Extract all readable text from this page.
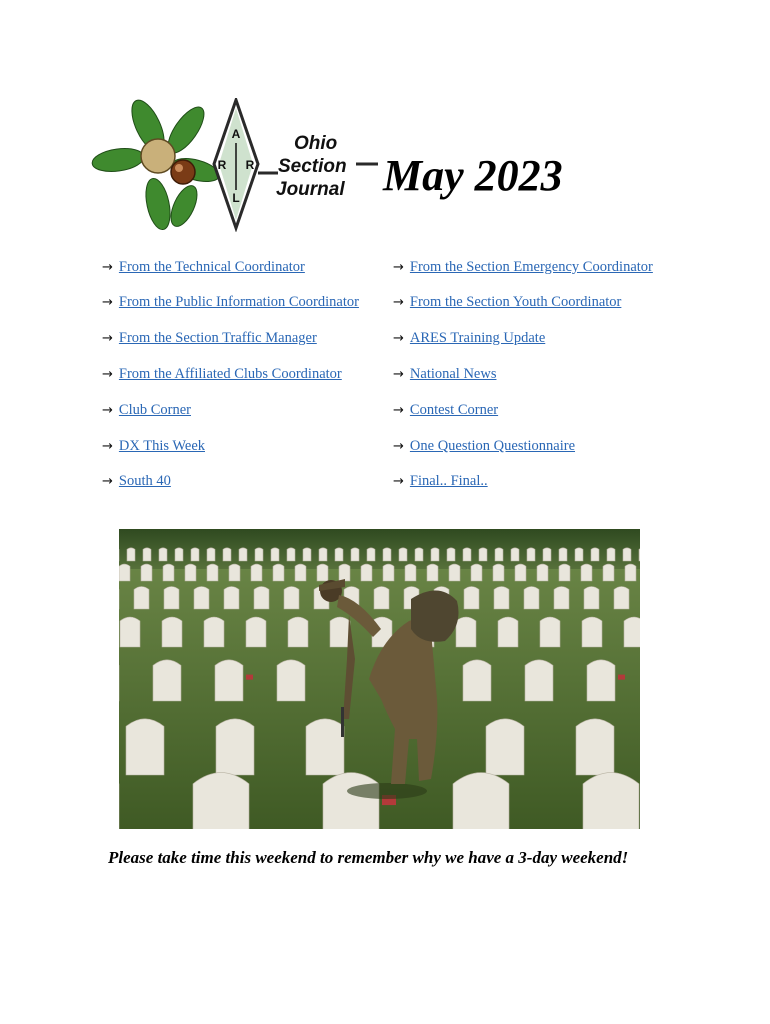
A
R R
L
Ohio
Section
Journal May 2023
→ From the Technical Coordinator
→ From the Public Information Coordinator
→ From the Section Traffic Manager
→ From the Affiliated Clubs Coordinator
→ Club Corner
→ DX This Week
→ South 40
→ From the Section Emergency Coordinator
→ From the Section Youth Coordinator
→ ARES Training Update
→ National News
→ Contest Corner
→ One Question Questionnaire
→ Final.. Final..
Please take time this weekend to remember why we have a 3-day weekend!
